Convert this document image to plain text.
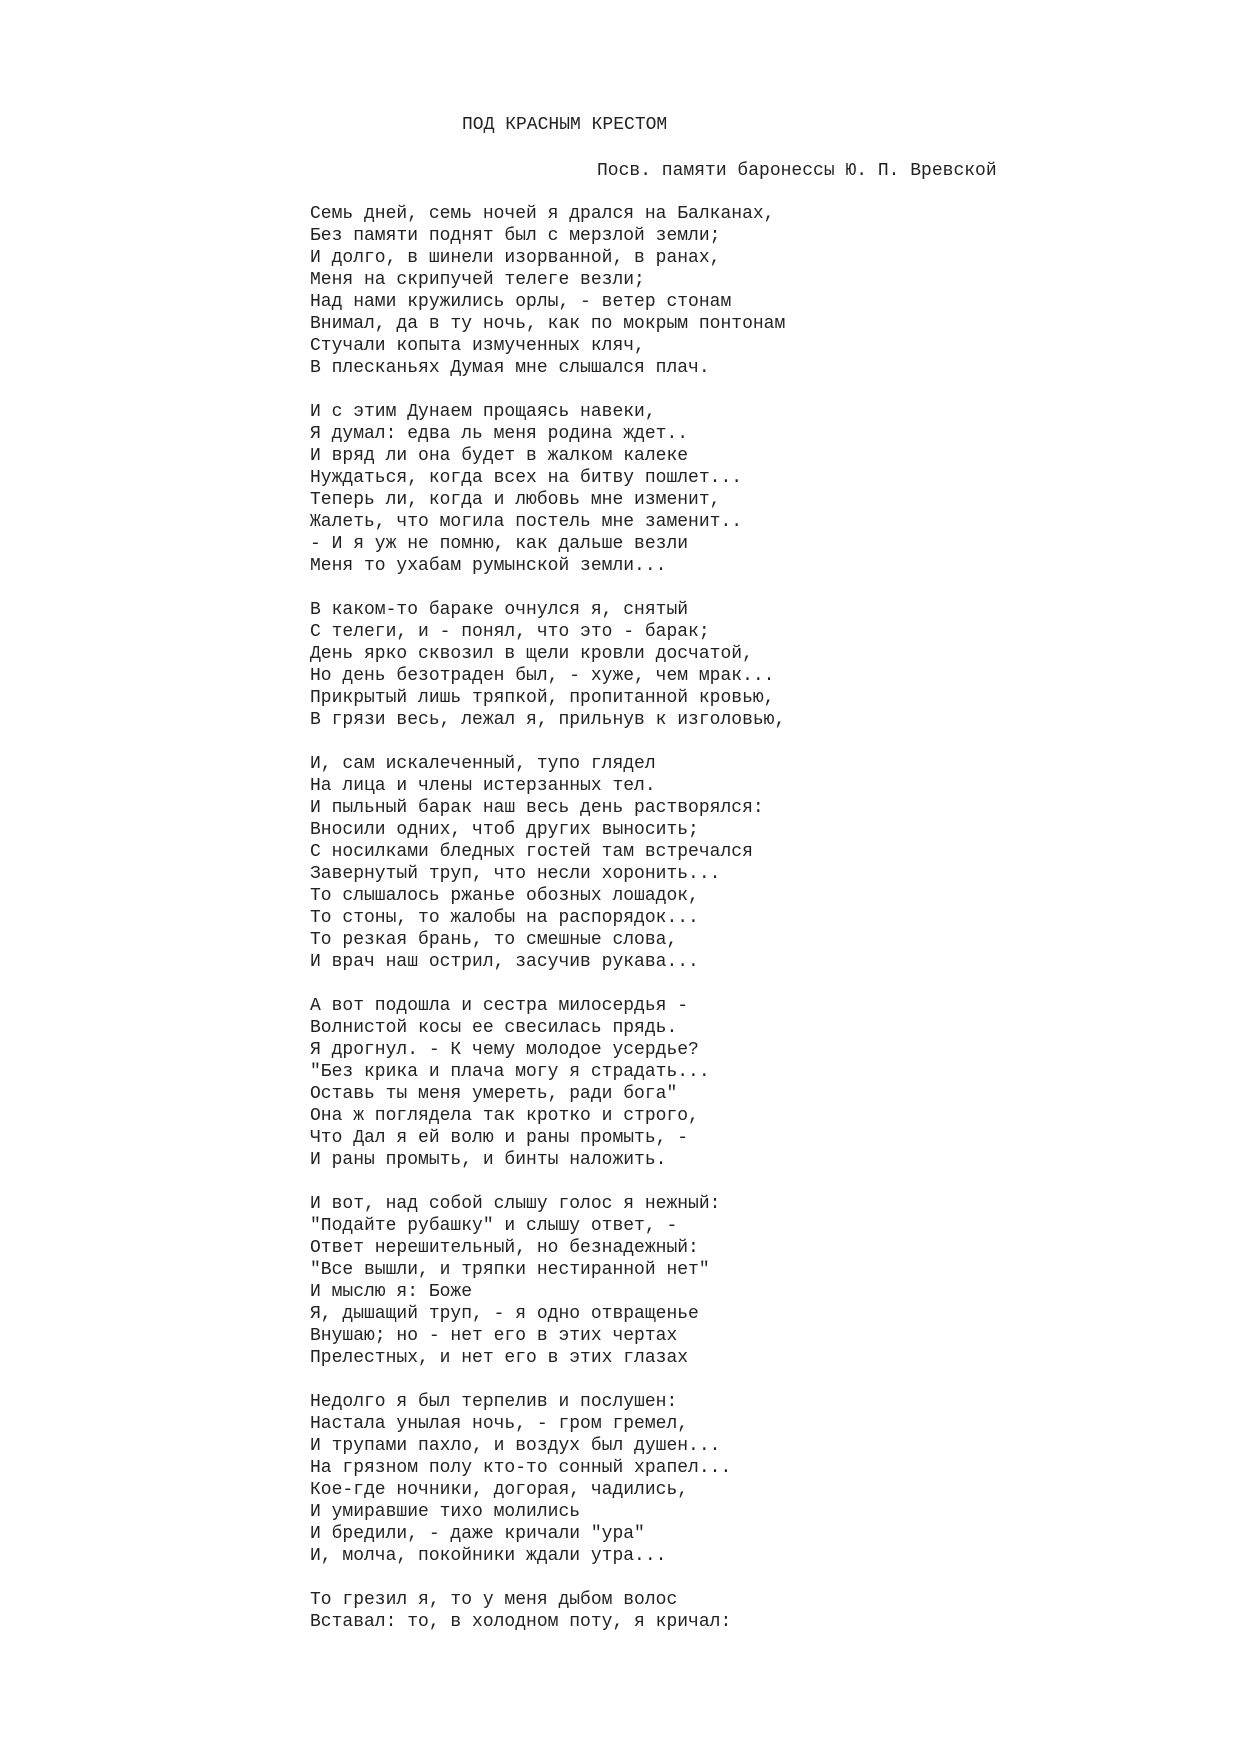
ПОД КРАСНЫМ КРЕСТОМ
Посв. памяти баронессы Ю. П. Вревской
Семь дней, семь ночей я дрался на Балканах,
Без памяти поднят был с мерзлой земли;
И долго, в шинели изорванной, в ранах,
Меня на скрипучей телеге везли;
Над нами кружились орлы, - ветер стонам
Внимал, да в ту ночь, как по мокрым понтонам
Стучали копыта измученных кляч,
В плесканьях Думая мне слышался плач.
И с этим Дунаем прощаясь навеки,
Я думал: едва ль меня родина ждет..
И вряд ли она будет в жалком калеке
Нуждаться, когда всех на битву пошлет...
Теперь ли, когда и любовь мне изменит,
Жалеть, что могила постель мне заменит..
- И я уж не помню, как дальше везли
Меня то ухабам румынской земли...
В каком-то бараке очнулся я, снятый
С телеги, и - понял, что это - барак;
День ярко сквозил в щели кровли досчатой,
Но день безотраден был, - хуже, чем мрак...
Прикрытый лишь тряпкой, пропитанной кровью,
В грязи весь, лежал я, прильнув к изголовью,
И, сам искалеченный, тупо глядел
На лица и члены истерзанных тел.
И пыльный барак наш весь день растворялся:
Вносили одних, чтоб других выносить;
С носилками бледных гостей там встречался
Завернутый труп, что несли хоронить...
То слышалось ржанье обозных лошадок,
То стоны, то жалобы на распорядок...
То резкая брань, то смешные слова,
И врач наш острил, засучив рукава...
А вот подошла и сестра милосердья -
Волнистой косы ее свесилась прядь.
Я дрогнул. - К чему молодое усердье?
"Без крика и плача могу я страдать...
Оставь ты меня умереть, ради бога"
Она ж поглядела так кротко и строго,
Что Дал я ей волю и раны промыть, -
И раны промыть, и бинты наложить.
И вот, над собой слышу голос я нежный:
"Подайте рубашку" и слышу ответ, -
Ответ нерешительный, но безнадежный:
"Все вышли, и тряпки нестиранной нет"
И мыслю я: Боже
Я, дышащий труп, - я одно отвращенье
Внушаю; но - нет его в этих чертах
Прелестных, и нет его в этих глазах
Недолго я был терпелив и послушен:
Настала унылая ночь, - гром гремел,
И трупами пахло, и воздух был душен...
На грязном полу кто-то сонный храпел...
Кое-где ночники, догорая, чадились,
И умиравшие тихо молились
И бредили, - даже кричали "ура"
И, молча, покойники ждали утра...
То грезил я, то у меня дыбом волос
Вставал: то, в холодном поту, я кричал:
